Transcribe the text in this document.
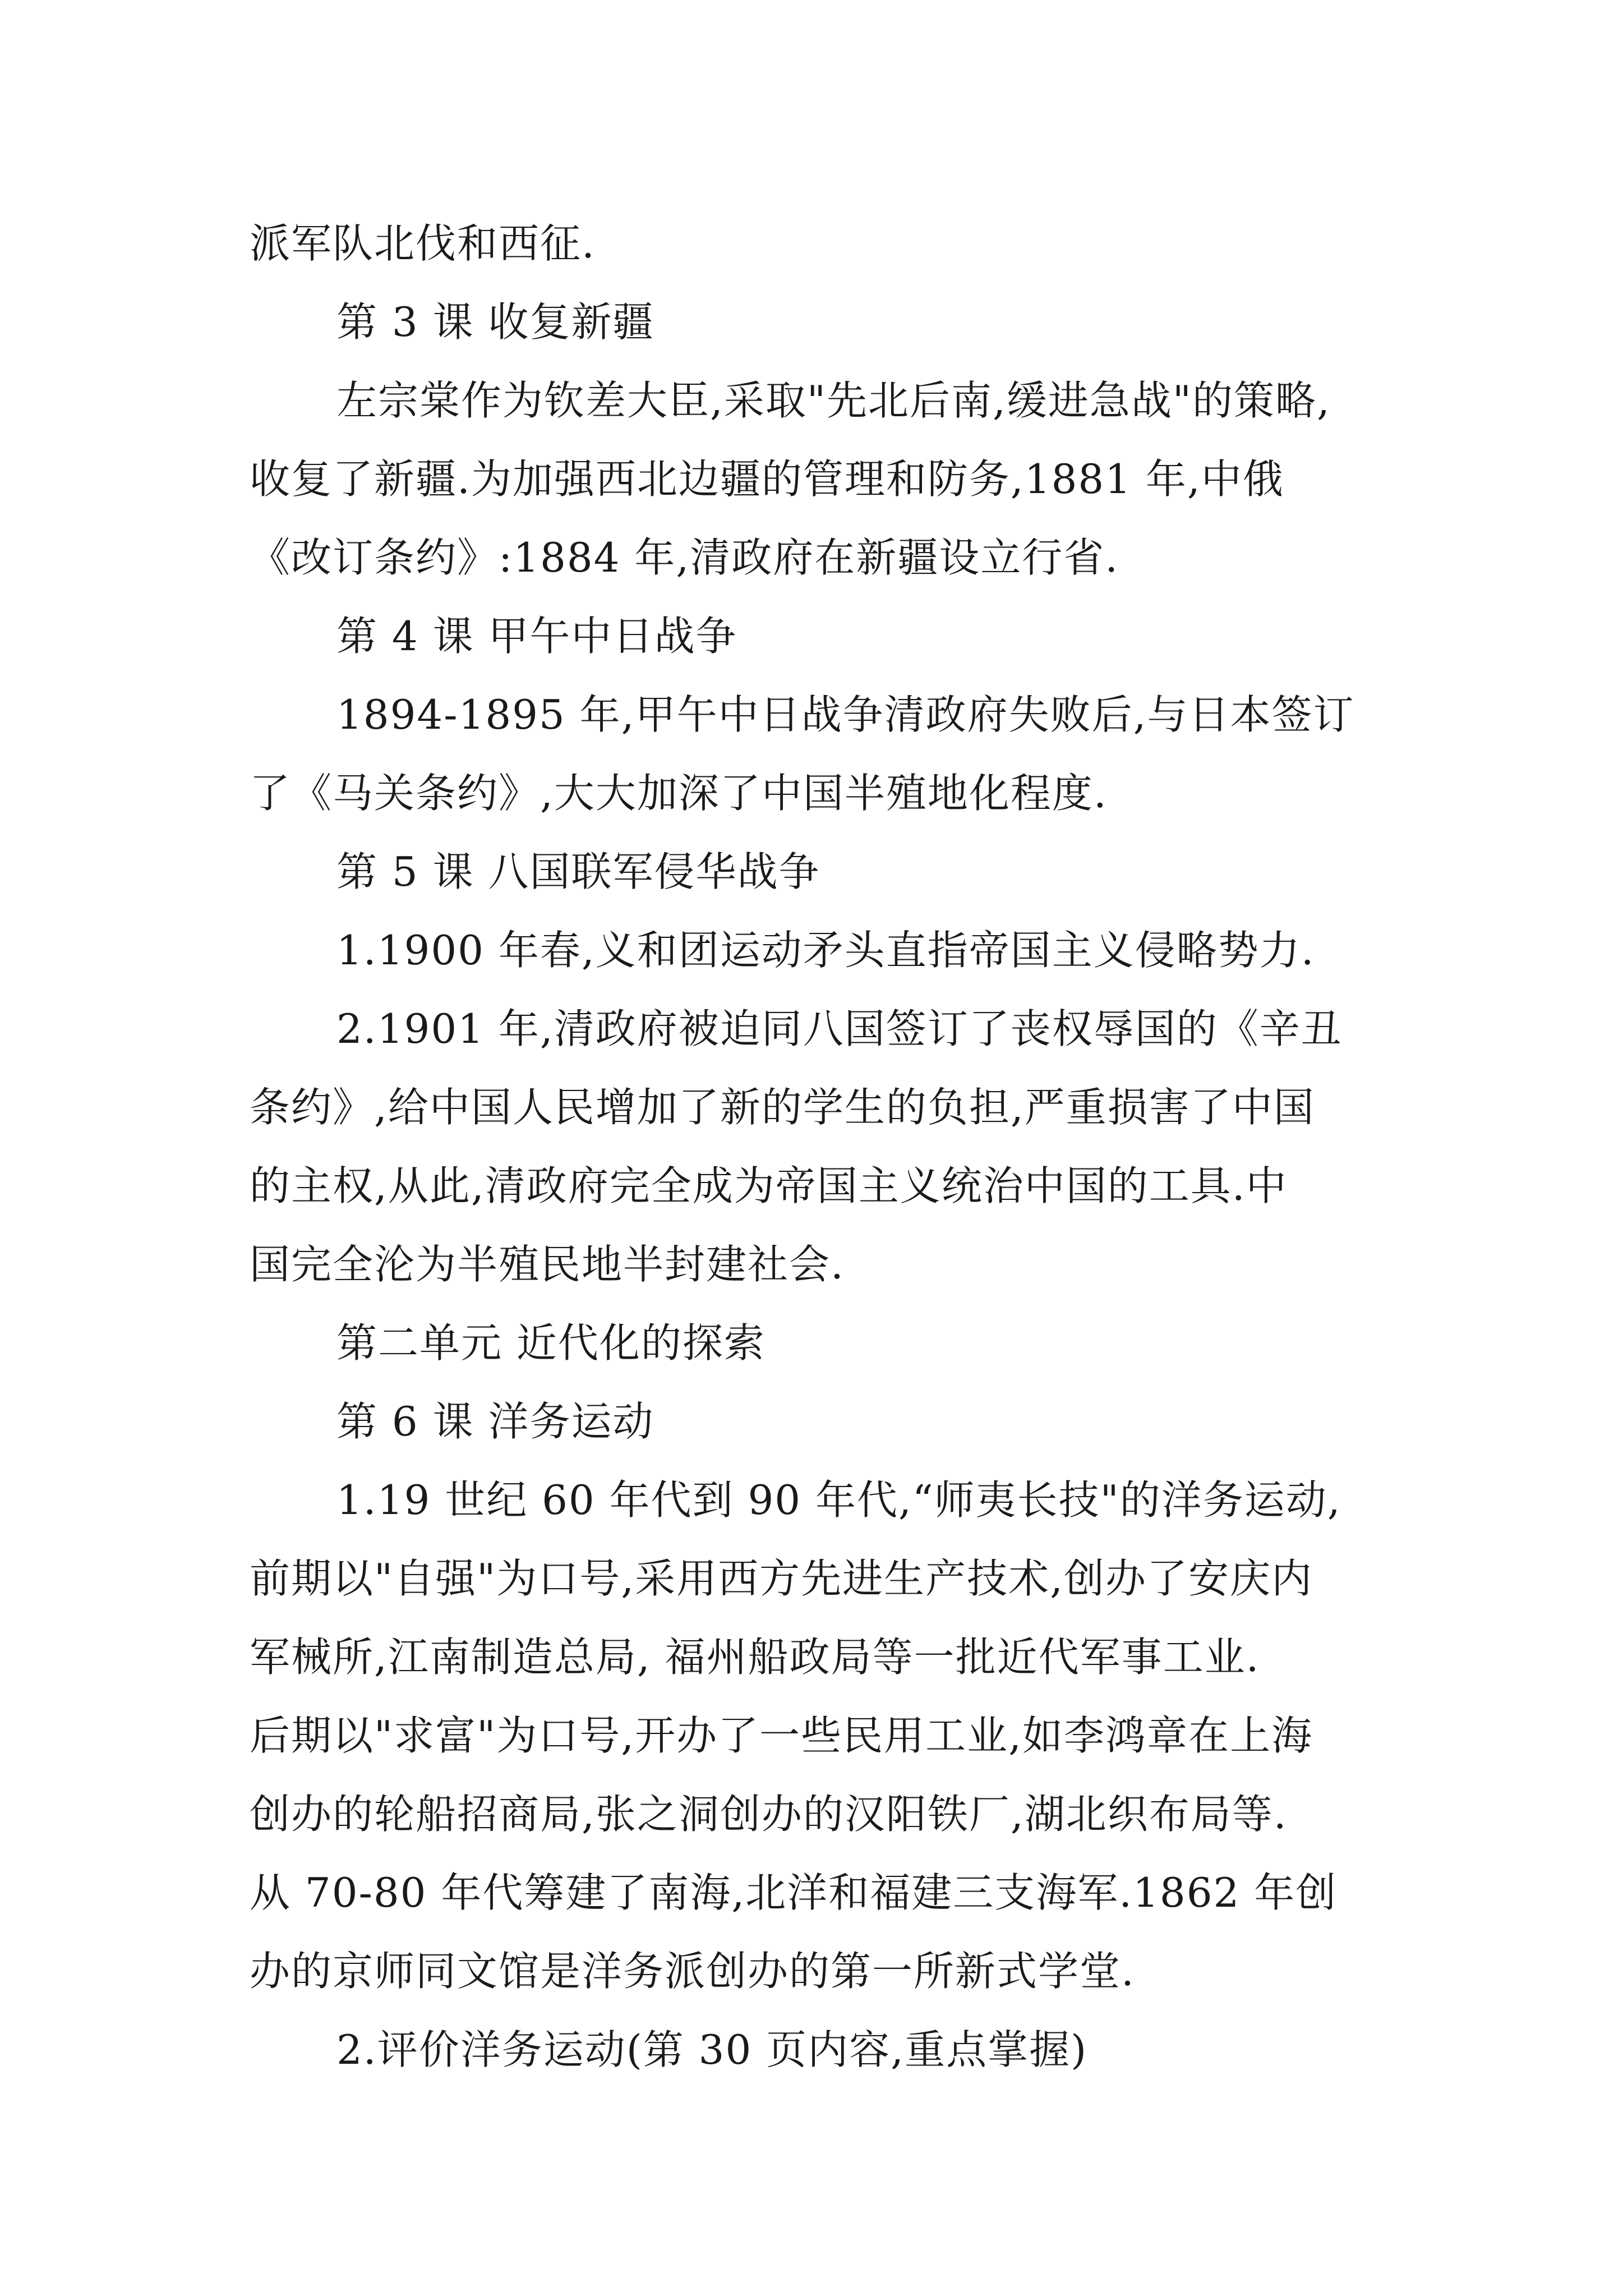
派军队北伐和西征.

第 3 课 收复新疆

左宗棠作为钦差大臣,采取"先北后南,缓进急战"的策略,

收复了新疆.为加强西北边疆的管理和防务,1881 年,中俄

《改订条约》:1884 年,清政府在新疆设立行省.

第 4 课 甲午中日战争

1894-1895 年,甲午中日战争清政府失败后,与日本签订

了《马关条约》,大大加深了中国半殖地化程度.

第 5 课 八国联军侵华战争

1.1900 年春,义和团运动矛头直指帝国主义侵略势力.

2.1901 年,清政府被迫同八国签订了丧权辱国的《辛丑

条约》,给中国人民增加了新的学生的负担,严重损害了中国

的主权,从此,清政府完全成为帝国主义统治中国的工具.中

国完全沦为半殖民地半封建社会.

第二单元 近代化的探索

第 6 课 洋务运动

1.19 世纪 60 年代到 90 年代,“师夷长技"的洋务运动,

前期以"自强"为口号,采用西方先进生产技术,创办了安庆内

军械所,江南制造总局, 福州船政局等一批近代军事工业.

后期以"求富"为口号,开办了一些民用工业,如李鸿章在上海

创办的轮船招商局,张之洞创办的汉阳铁厂,湖北织布局等.

从 70-80 年代筹建了南海,北洋和福建三支海军.1862 年创

办的京师同文馆是洋务派创办的第一所新式学堂.

2.评价洋务运动(第 30 页内容,重点掌握)
